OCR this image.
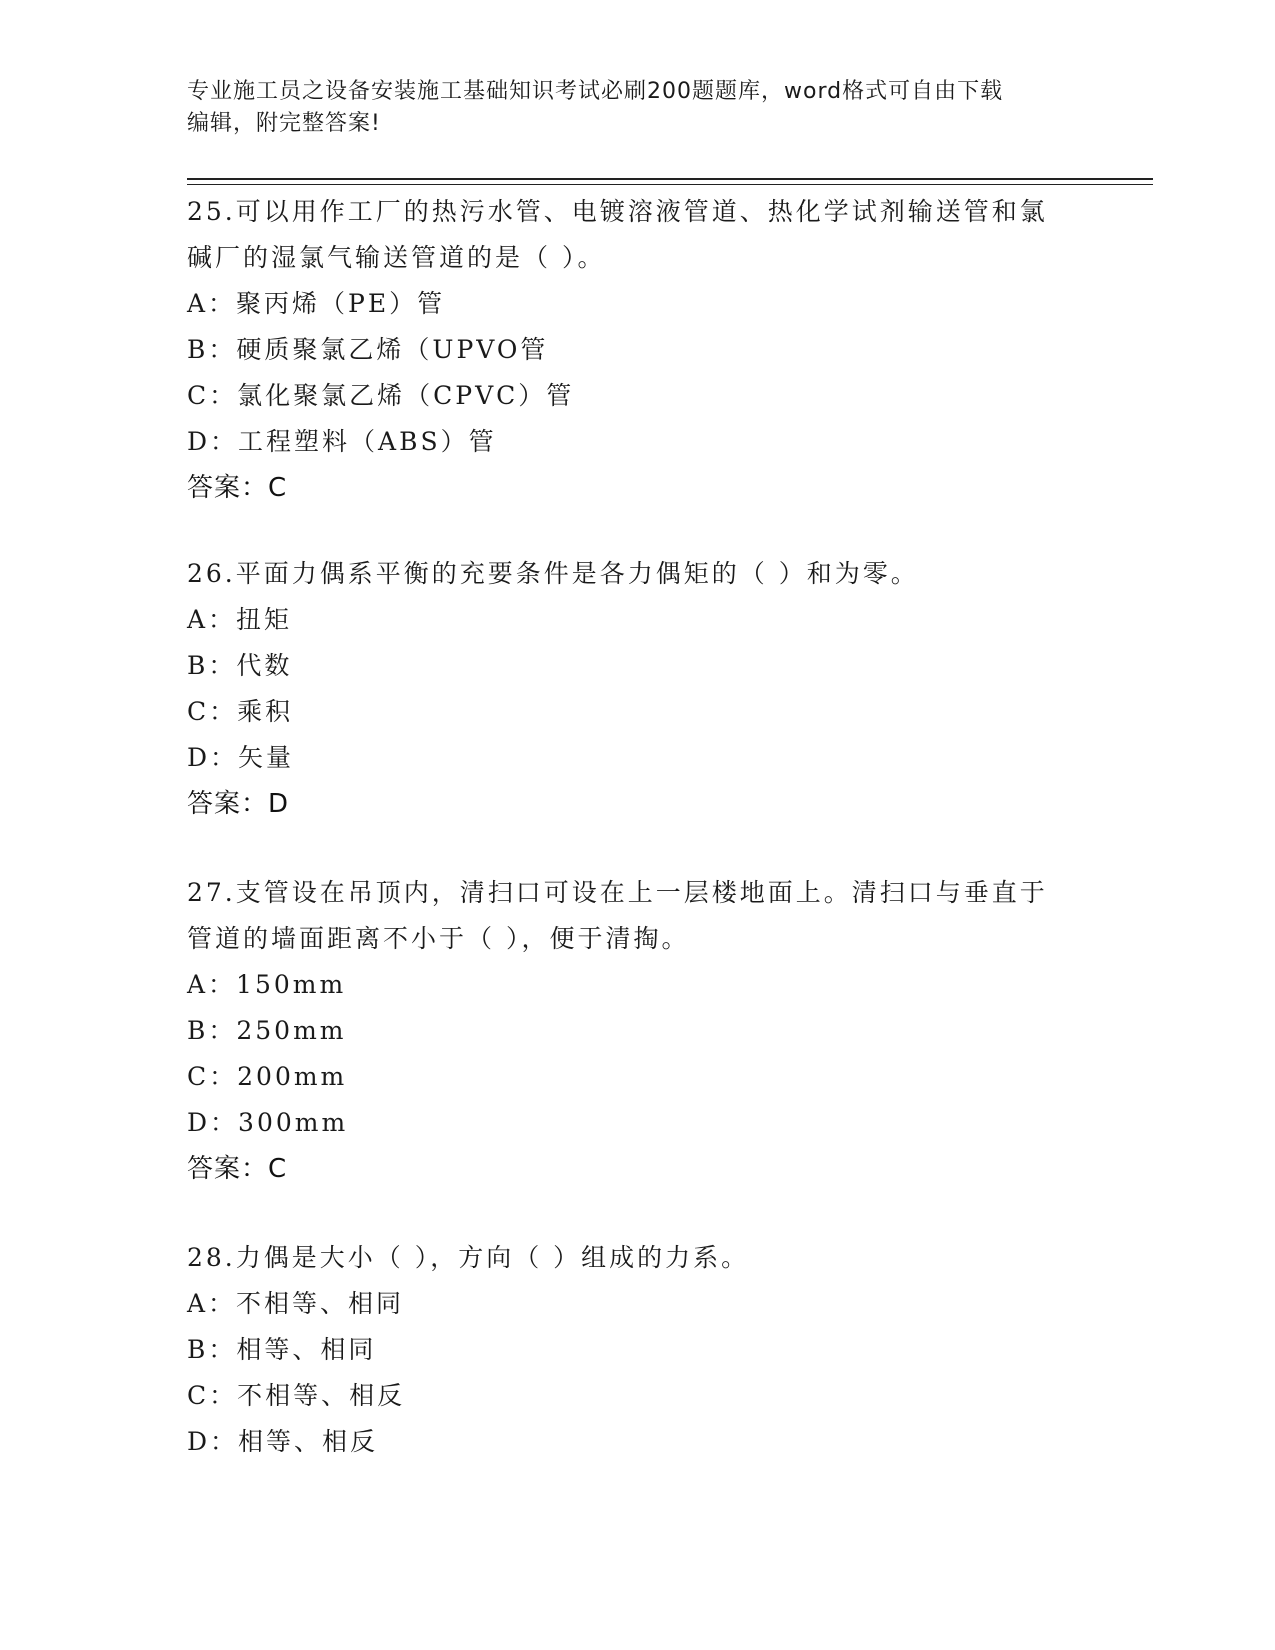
专业施工员之设备安装施工基础知识考试必刷200题题库，word格式可自由下载
编辑，附完整答案!
25.可以用作工厂的热污水管、电镀溶液管道、热化学试剂输送管和氯
碱厂的湿氯气输送管道的是（ ）。
A：聚丙烯（PE）管
B：硬质聚氯乙烯（UPVO管
C：氯化聚氯乙烯（CPVC）管
D：工程塑料（ABS）管
答案：C
26.平面力偶系平衡的充要条件是各力偶矩的（ ）和为零。
A：扭矩
B：代数
C：乘积
D：矢量
答案：D
27.支管设在吊顶内，清扫口可设在上一层楼地面上。清扫口与垂直于
管道的墙面距离不小于（ ），便于清掏。
A：150mm
B：250mm
C：200mm
D：300mm
答案：C
28.力偶是大小（ ），方向（ ）组成的力系。
A：不相等、相同
B：相等、相同
C：不相等、相反
D：相等、相反
